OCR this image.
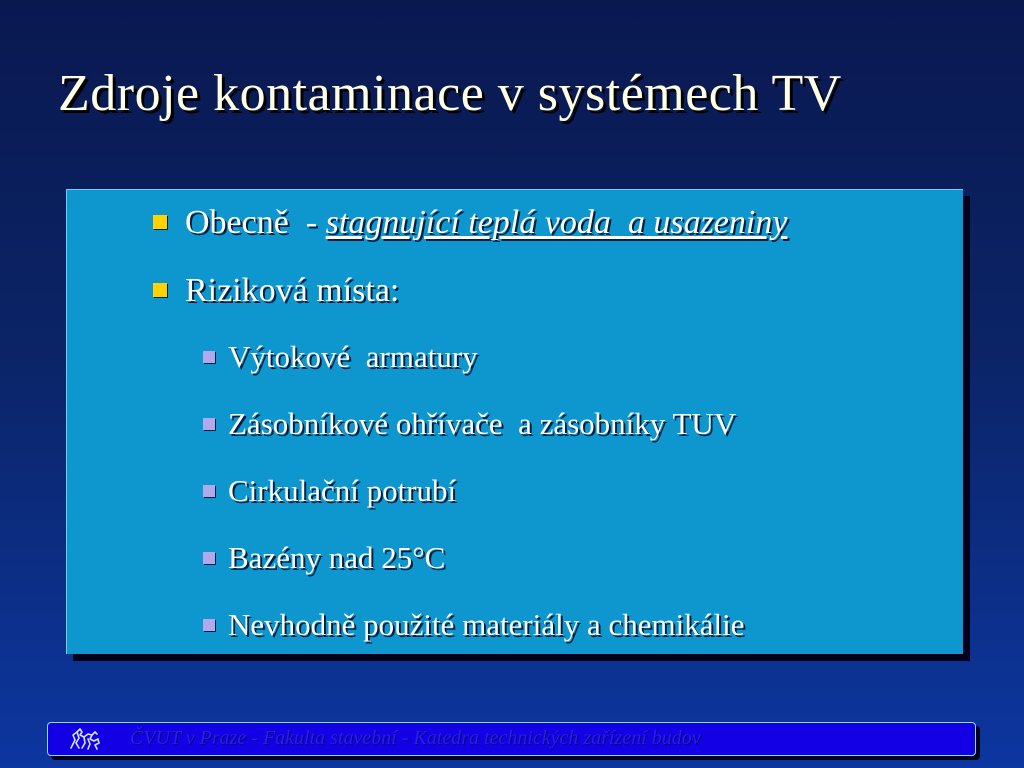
Zdroje kontaminace v systémech TV
Obecně - stagnující teplá voda  a usazeniny
Riziková místa:
Výtokové  armatury
Zásobníkové ohřívače  a zásobníky TUV
Cirkulační potrubí
Bazény nad 25°C
Nevhodně použité materiály a chemikálie
ČVUT v Praze - Fakulta stavební - Katedra technických zařízení budov
